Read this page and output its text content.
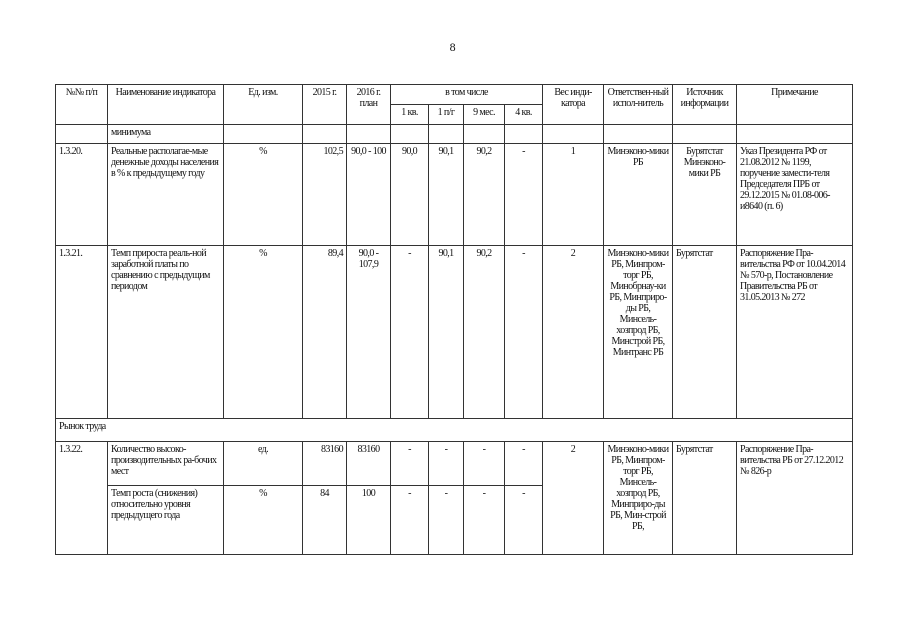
8
№№ п/п	Наименование индикатора	Ед. изм.	2015 г.	2016 г. план	в том числе				Вес инди-катора	Ответствен-ный испол-нитель	Источник информации	Примечание
					1 кв.	1 п/г	9 мес.	4 кв.				
	минимума											
1.3.20.	Реальные располагае-мые денежные доходы населения в % к предыдущему году	%	102,5	90,0 - 100	90,0	90,1	90,2	-	1	Минэконо-мики РБ	Бурятстат Минэконо-мики РБ	Указ Президента РФ от 21.08.2012 № 1199, поручение замести-теля Председателя ПРБ от 29.12.2015 № 01.08-006-и8640 (п. 6)
1.3.21.	Темп прироста реаль-ной заработной платы по сравнению с предыдущим периодом	%	89,4	90,0 - 107,9	-	90,1	90,2	-	2	Минэконо-мики РБ, Минпром-торг РБ, Минобрнау-ки РБ, Минприро-ды РБ, Минсель-хозпрод РБ, Минстрой РБ, Минтранс РБ	Бурятстат	Распоряжение Пра-вительства РФ от 10.04.2014 № 570-р, Постановление Правительства РБ от 31.05.2013 № 272
Рынок труда												
1.3.22.	Количество высоко-производительных ра-бочих мест	ед.	83160	83160	-	-	-	-	2	Минэконо-мики РБ, Минпром-торг РБ, Минсель-хозпрод РБ, Минприро-ды РБ, Мин-строй РБ,	Бурятстат	Распоряжение Пра-вительства РБ от 27.12.2012 № 826-р
	Темп роста (снижения) относительно уровня предыдущего года	%	84	100	-	-	-	-				
